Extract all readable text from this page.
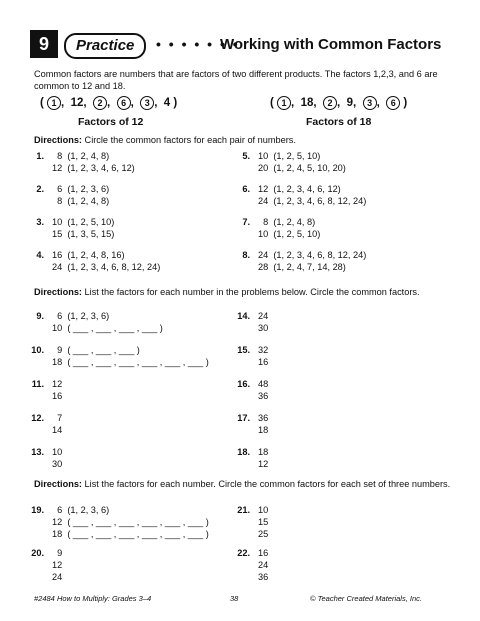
9	Practice	• • • • • • •
Working with Common Factors
Common factors are numbers that are factors of two different products. The factors 1,2,3, and 6 are common to 12 and 18.
( 1 ,  12,  2 ,  6 ,  3 ,  4 )
Factors of 12
( 1 ,  18,  2 ,  9,  3 ,  6 )
Factors of 18
Directions: Circle the common factors for each pair of numbers.
1. 8  (1, 2, 4, 8)
12  (1, 2, 3, 4, 6, 12)
5. 10  (1, 2, 5, 10)
20  (1, 2, 4, 5, 10, 20)
2. 6  (1, 2, 3, 6)
8  (1, 2, 4, 8)
6. 12  (1, 2, 3, 4, 6, 12)
24  (1, 2, 3, 4, 6, 8, 12, 24)
3. 10  (1, 2, 5, 10)
15  (1, 3, 5, 15)
7. 8  (1, 2, 4, 8)
10  (1, 2, 5, 10)
4. 16  (1, 2, 4, 8, 16)
24  (1, 2, 3, 4, 6, 8, 12, 24)
8. 24  (1, 2, 3, 4, 6, 8, 12, 24)
28  (1, 2, 4, 7, 14, 28)
Directions: List the factors for each number in the problems below. Circle the common factors.
9. 6  (1, 2, 3, 6)
10  ( ___ , ___ , ___ , ___ )
14. 24
30
10. 9  ( ___ , ___ , ___ )
18  ( ___ , ___ , ___ , ___ , ___ , ___ )
15. 32
16
11. 12
16
16. 48
36
12. 7
14
17. 36
18
13. 10
30
18. 18
12
Directions: List the factors for each number. Circle the common factors for each set of three numbers.
19. 6  (1, 2, 3, 6)
12  ( ___ , ___ , ___ , ___ , ___ , ___ )
18  ( ___ , ___ , ___ , ___ , ___ , ___ )
21. 10
15
25
20. 9
12
24
22. 16
24
36
#2484 How to Multiply: Grades 3–4	38	© Teacher Created Materials, Inc.
